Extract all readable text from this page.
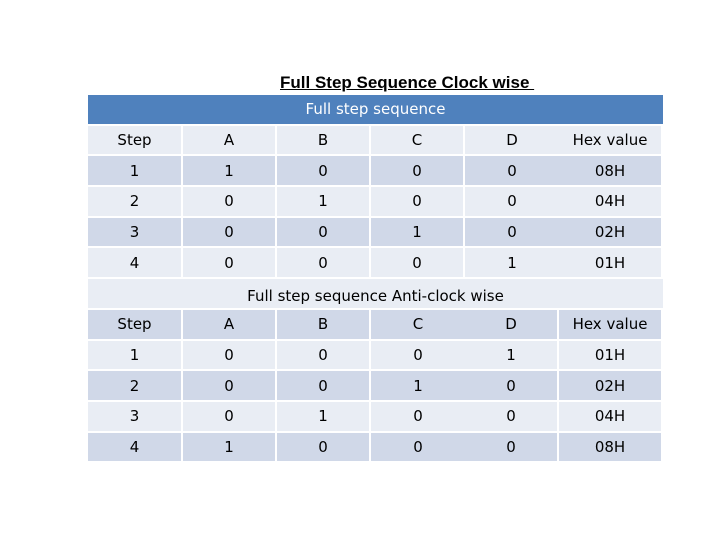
Full Step Sequence Clock wise
Full step sequence
Step	A	B	C	D	Hex value
1	1	0	0	0	08H
2	0	1	0	0	04H
3	0	0	1	0	02H
4	0	0	0	1	01H
Full step sequence Anti-clock wise
Step	A	B	C	D	Hex value
1	0	0	0	1	01H
2	0	0	1	0	02H
3	0	1	0	0	04H
4	1	0	0	0	08H
